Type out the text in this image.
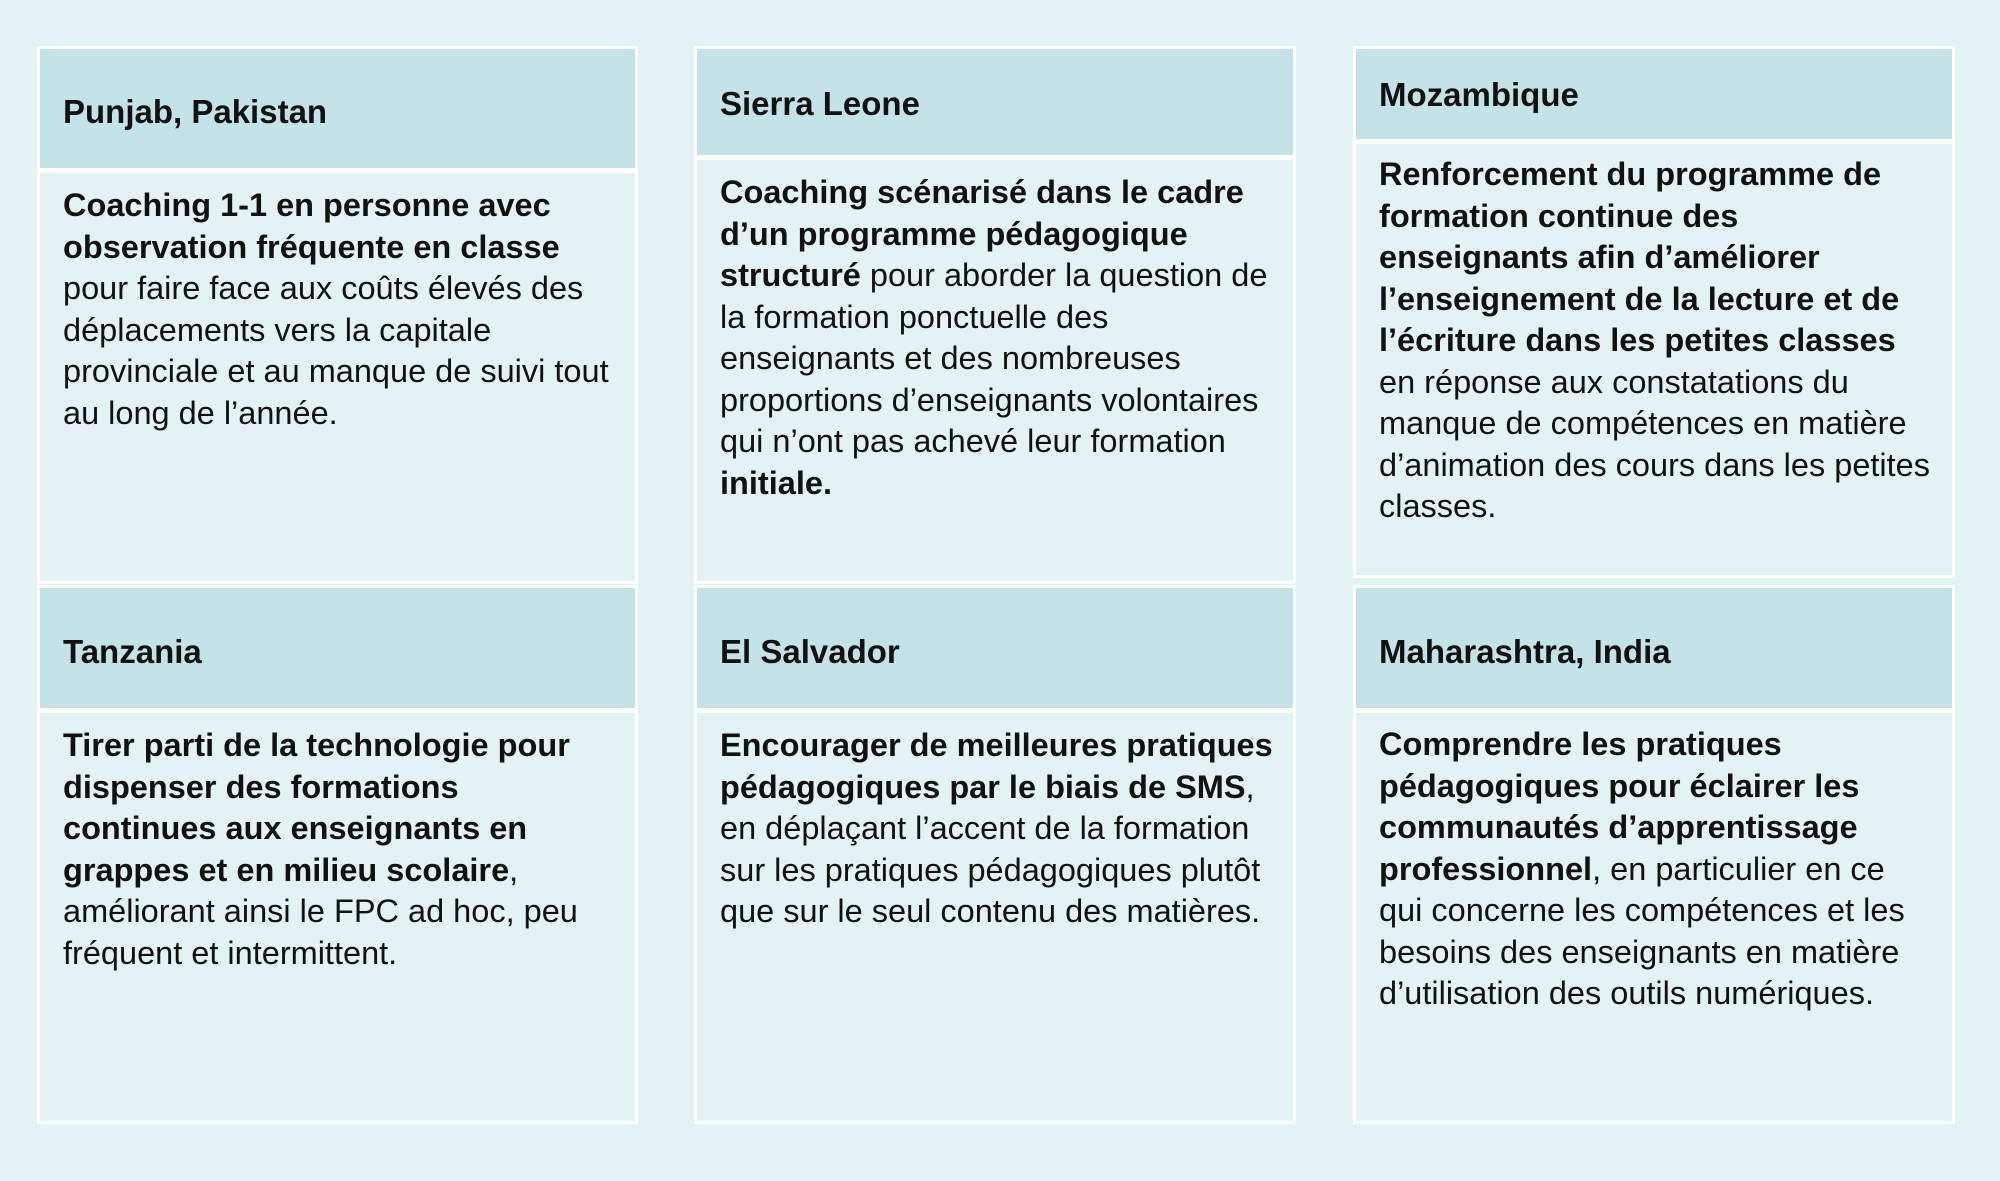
Punjab, Pakistan

Coaching 1-1 en personne avec observation fréquente en classe pour faire face aux coûts élevés des déplacements vers la capitale provinciale et au manque de suivi tout au long de l’année.

Sierra Leone

Coaching scénarisé dans le cadre d’un programme pédagogique structuré pour aborder la question de la formation ponctuelle des enseignants et des nombreuses proportions d’enseignants volontaires qui n’ont pas achevé leur formation initiale.

Mozambique

Renforcement du programme de formation continue des enseignants afin d’améliorer l’enseignement de la lecture et de l’écriture dans les petites classes en réponse aux constatations du manque de compétences en matière d’animation des cours dans les petites classes.

Tanzania

Tirer parti de la technologie pour dispenser des formations continues aux enseignants en grappes et en milieu scolaire, améliorant ainsi le FPC ad hoc, peu fréquent et intermittent.

El Salvador

Encourager de meilleures pratiques pédagogiques par le biais de SMS, en déplaçant l’accent de la formation sur les pratiques pédagogiques plutôt que sur le seul contenu des matières.

Maharashtra, India

Comprendre les pratiques pédagogiques pour éclairer les communautés d’apprentissage professionnel, en particulier en ce qui concerne les compétences et les besoins des enseignants en matière d’utilisation des outils numériques.
